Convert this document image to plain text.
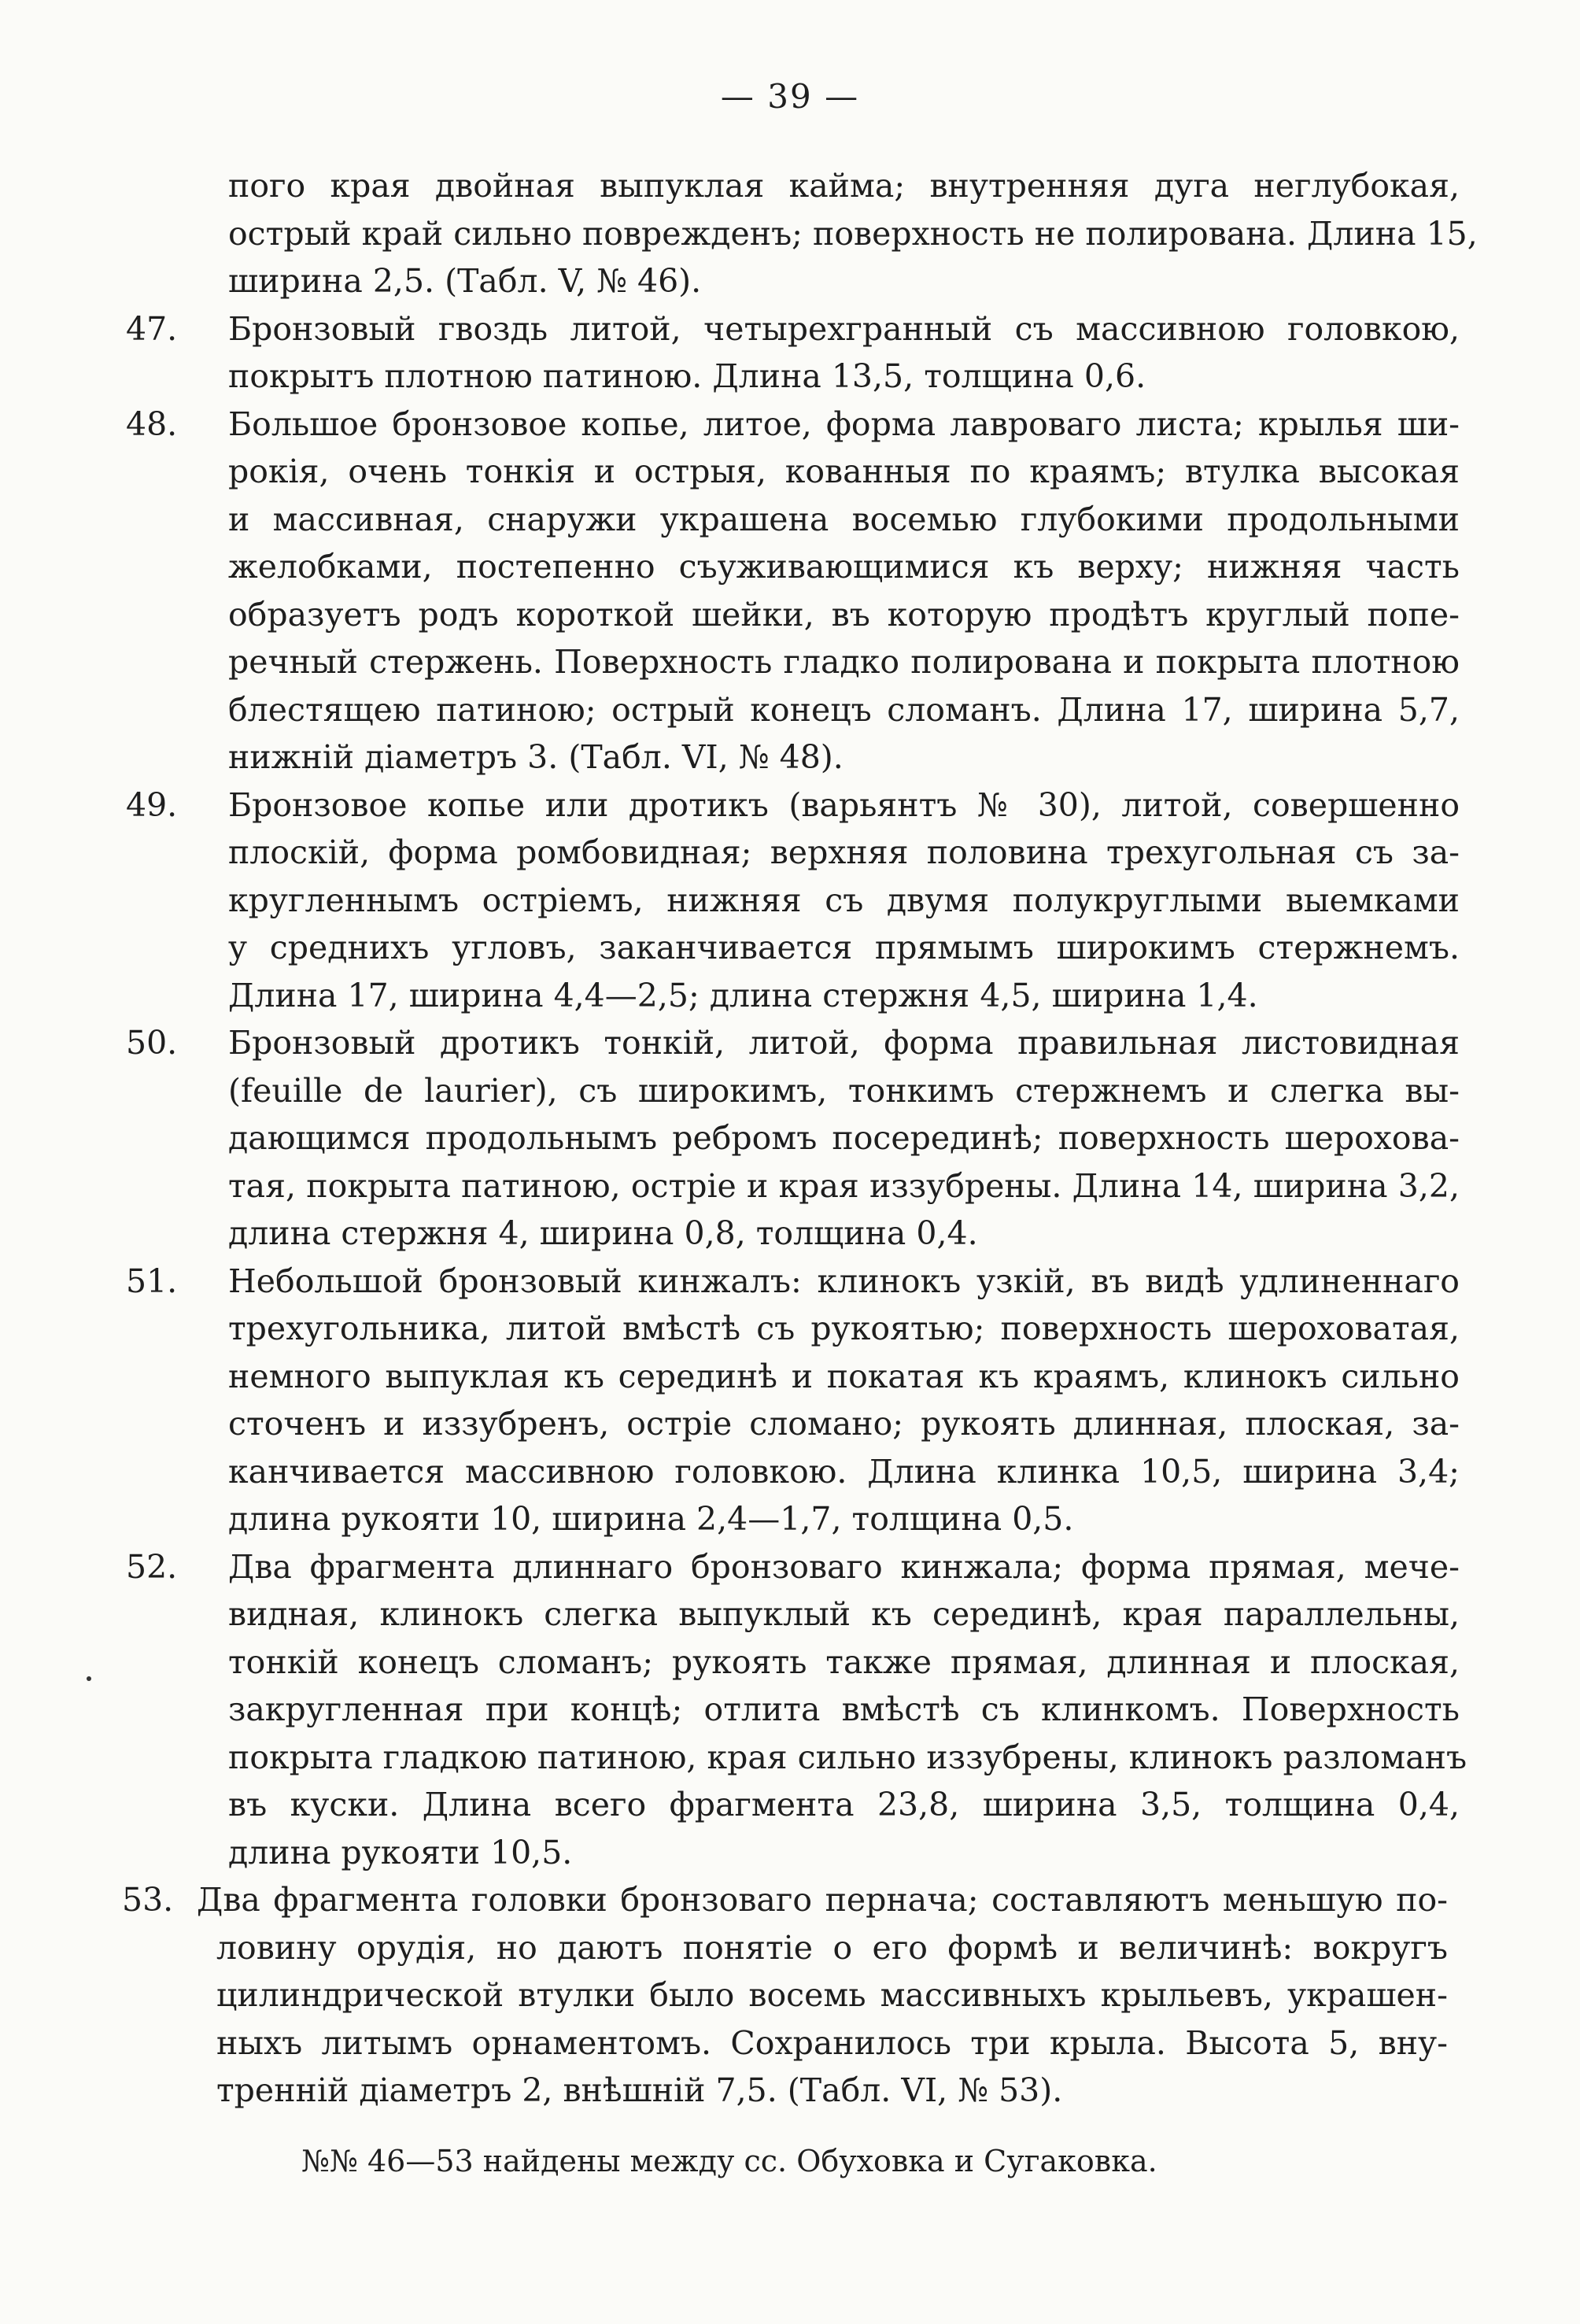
— 39 —
пого края двойная выпуклая кайма; внутренняя дуга неглубокая,
острый край сильно поврежденъ; поверхность не полирована. Длина 15,
ширина 2,5. (Табл. V, № 46).
47.	Бронзовый гвоздь литой, четырехгранный съ массивною головкою,
покрытъ плотною патиною. Длина 13,5, толщина 0,6.
48.	Большое бронзовое копье, литое, форма лавроваго листа; крылья ши-
рокія, очень тонкія и острыя, кованныя по краямъ; втулка высокая
и массивная, снаружи украшена восемью глубокими продольными
желобками, постепенно съуживающимися къ верху; нижняя часть
образуетъ родъ короткой шейки, въ которую продѣтъ круглый попе-
речный стержень. Поверхность гладко полирована и покрыта плотною
блестящею патиною; острый конецъ сломанъ. Длина 17, ширина 5,7,
нижній діаметръ 3. (Табл. VI, № 48).
49.	Бронзовое копье или дротикъ (варьянтъ № 30), литой, совершенно
плоскій, форма ромбовидная; верхняя половина трехугольная съ за-
кругленнымъ остріемъ, нижняя съ двумя полукруглыми выемками
у среднихъ угловъ, заканчивается прямымъ широкимъ стержнемъ.
Длина 17, ширина 4,4—2,5; длина стержня 4,5, ширина 1,4.
50.	Бронзовый дротикъ тонкій, литой, форма правильная листовидная
(feuille de laurier), съ широкимъ, тонкимъ стержнемъ и слегка вы-
дающимся продольнымъ ребромъ посерединѣ; поверхность шерохова-
тая, покрыта патиною, остріе и края иззубрены. Длина 14, ширина 3,2,
длина стержня 4, ширина 0,8, толщина 0,4.
51.	Небольшой бронзовый кинжалъ: клинокъ узкій, въ видѣ удлиненнаго
трехугольника, литой вмѣстѣ съ рукоятью; поверхность шероховатая,
немного выпуклая къ серединѣ и покатая къ краямъ, клинокъ сильно
сточенъ и иззубренъ, остріе сломано; рукоять длинная, плоская, за-
канчивается массивною головкою. Длина клинка 10,5, ширина 3,4;
длина рукояти 10, ширина 2,4—1,7, толщина 0,5.
52.	Два фрагмента длиннаго бронзоваго кинжала; форма прямая, мече-
видная, клинокъ слегка выпуклый къ серединѣ, края параллельны,
тонкій конецъ сломанъ; рукоять также прямая, длинная и плоская,
закругленная при концѣ; отлита вмѣстѣ съ клинкомъ. Поверхность
покрыта гладкою патиною, края сильно иззубрены, клинокъ разломанъ
въ куски. Длина всего фрагмента 23,8, ширина 3,5, толщина 0,4,
длина рукояти 10,5.
53. Два фрагмента головки бронзоваго пернача; составляютъ меньшую по-
ловину орудія, но даютъ понятіе о его формѣ и величинѣ: вокругъ
цилиндрической втулки было восемь массивныхъ крыльевъ, украшен-
ныхъ литымъ орнаментомъ. Сохранилось три крыла. Высота 5, вну-
тренній діаметръ 2, внѣшній 7,5. (Табл. VI, № 53).
№№ 46—53 найдены между сс. Обуховка и Сугаковка.
